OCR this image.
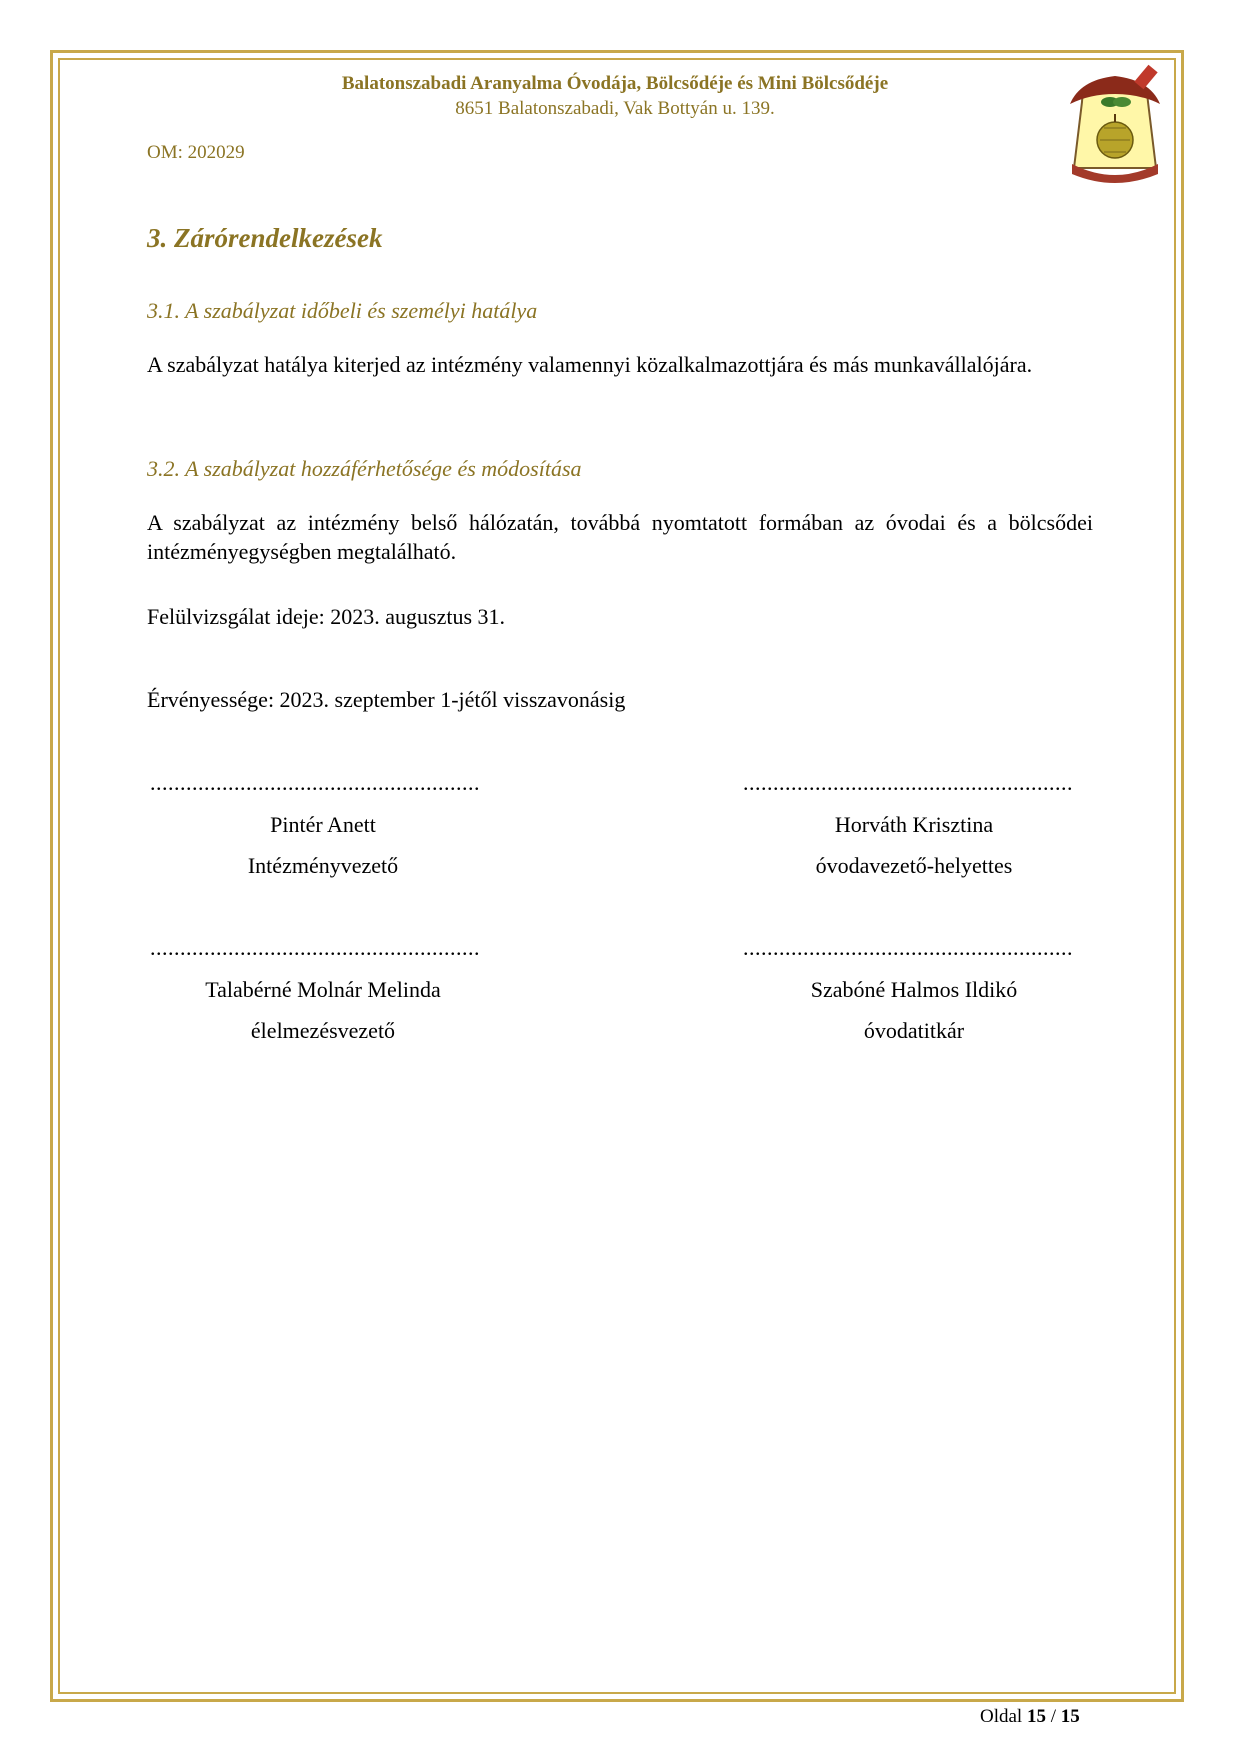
Balatonszabadi Aranyalma Óvodája, Bölcsődéje és Mini Bölcsődéje
8651 Balatonszabadi, Vak Bottyán u. 139.
OM: 202029
3. Zárórendelkezések
3.1. A szabályzat időbeli és személyi hatálya
A szabályzat hatálya kiterjed az intézmény valamennyi közalkalmazottjára és más munkavállalójára.
3.2. A szabályzat hozzáférhetősége és módosítása
A szabályzat az intézmény belső hálózatán, továbbá nyomtatott formában az óvodai és a bölcsődei intézményegységben megtalálható.
Felülvizsgálat ideje: 2023. augusztus 31.
Érvényessége: 2023. szeptember 1-jétől visszavonásig
.......................................................	.......................................................
Pintér Anett
Intézményvezető
Horváth Krisztina
óvodavezető-helyettes
.......................................................	.......................................................
Talabérné Molnár Melinda
élelmezésvezető
Szabóné Halmos Ildikó
óvodatitkár
Oldal 15 / 15
